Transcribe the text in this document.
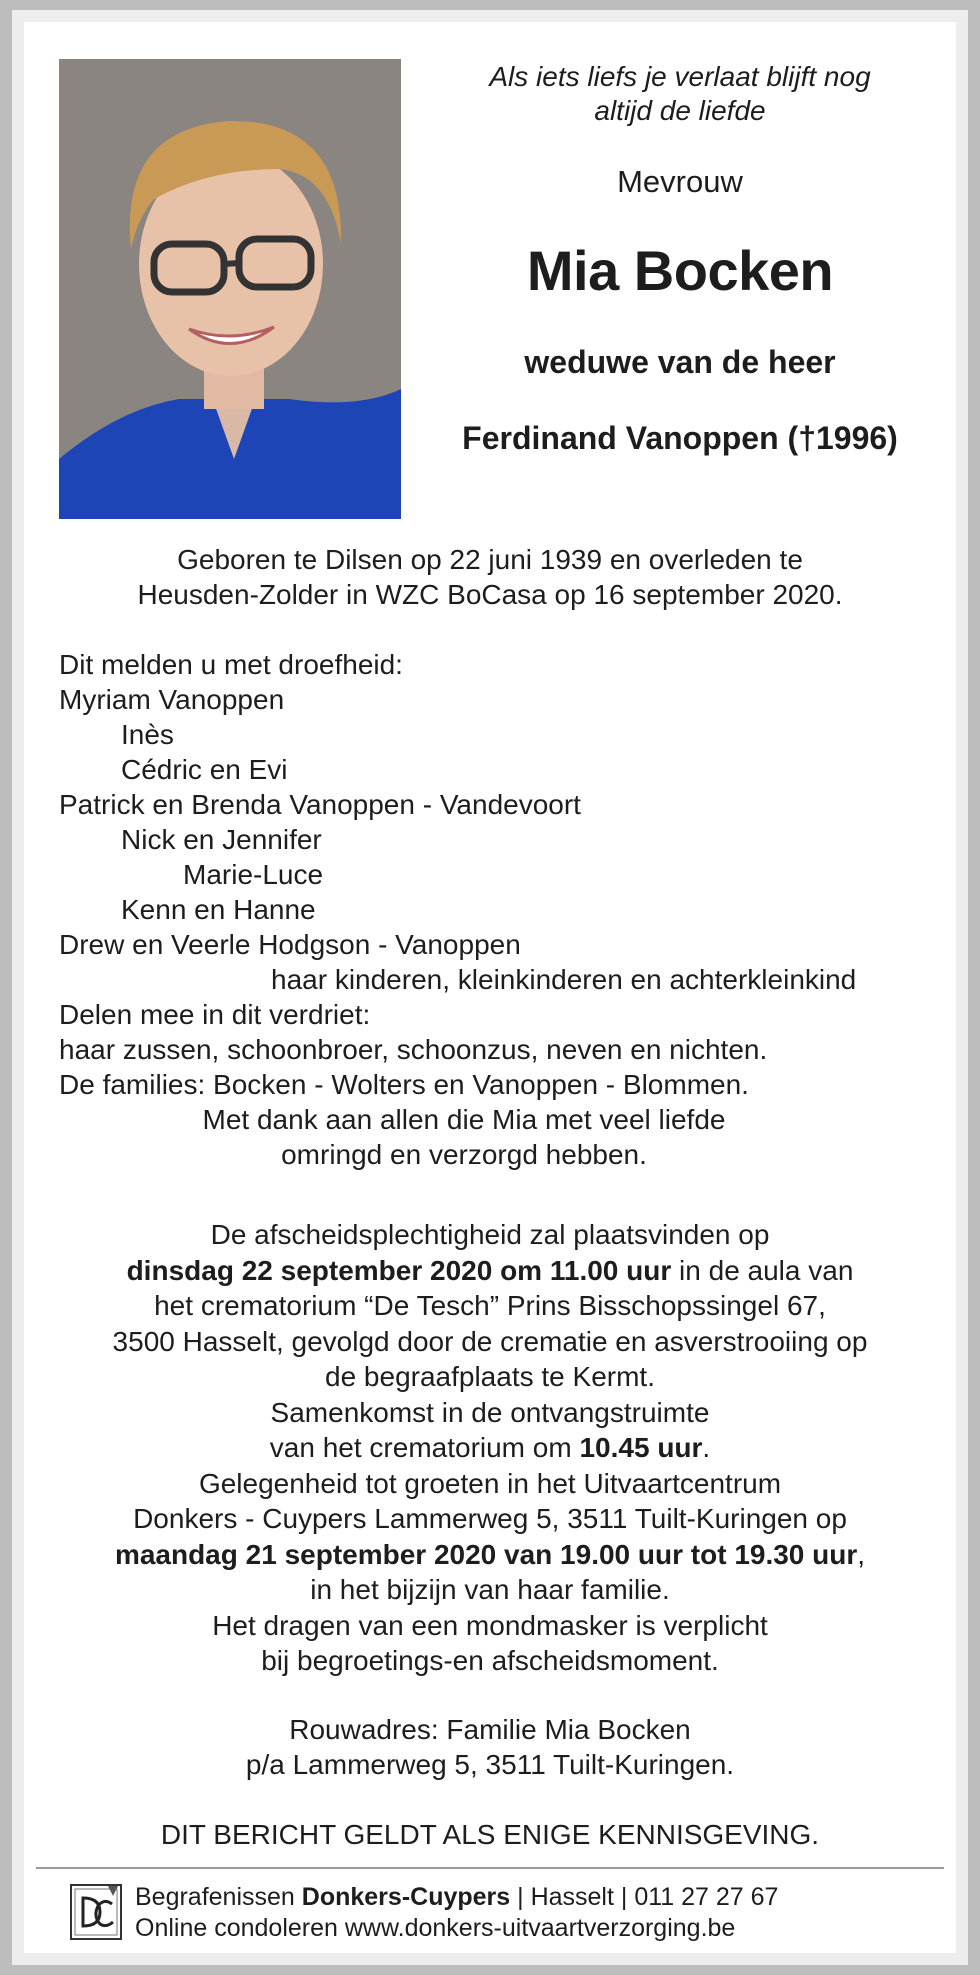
Als iets liefs je verlaat blijft nog
altijd de liefde
Mevrouw
Mia Bocken
weduwe van de heer
Ferdinand Vanoppen (†1996)
Geboren te Dilsen op 22 juni 1939 en overleden te
Heusden-Zolder in WZC BoCasa op 16 september 2020.
Dit melden u met droefheid:
Myriam Vanoppen
Inès
Cédric en Evi
Patrick en Brenda Vanoppen - Vandevoort
Nick en Jennifer
Marie-Luce
Kenn en Hanne
Drew en Veerle Hodgson - Vanoppen
haar kinderen, kleinkinderen en achterkleinkind
Delen mee in dit verdriet:
haar zussen, schoonbroer, schoonzus, neven en nichten.
De families: Bocken - Wolters en Vanoppen - Blommen.
Met dank aan allen die Mia met veel liefde
omringd en verzorgd hebben.
De afscheidsplechtigheid zal plaatsvinden op
dinsdag 22 september 2020 om 11.00 uur in de aula van
het crematorium “De Tesch” Prins Bisschopssingel 67,
3500 Hasselt, gevolgd door de crematie en asverstrooiing op
de begraafplaats te Kermt.
Samenkomst in de ontvangstruimte
van het crematorium om 10.45 uur.
Gelegenheid tot groeten in het Uitvaartcentrum
Donkers - Cuypers Lammerweg 5, 3511 Tuilt-Kuringen op
maandag 21 september 2020 van 19.00 uur tot 19.30 uur,
in het bijzijn van haar familie.
Het dragen van een mondmasker is verplicht
bij begroetings-en afscheidsmoment.
Rouwadres: Familie Mia Bocken
p/a Lammerweg 5, 3511 Tuilt-Kuringen.
DIT BERICHT GELDT ALS ENIGE KENNISGEVING.
Begrafenissen Donkers-Cuypers | Hasselt | 011 27 27 67
Online condoleren www.donkers-uitvaartverzorging.be
